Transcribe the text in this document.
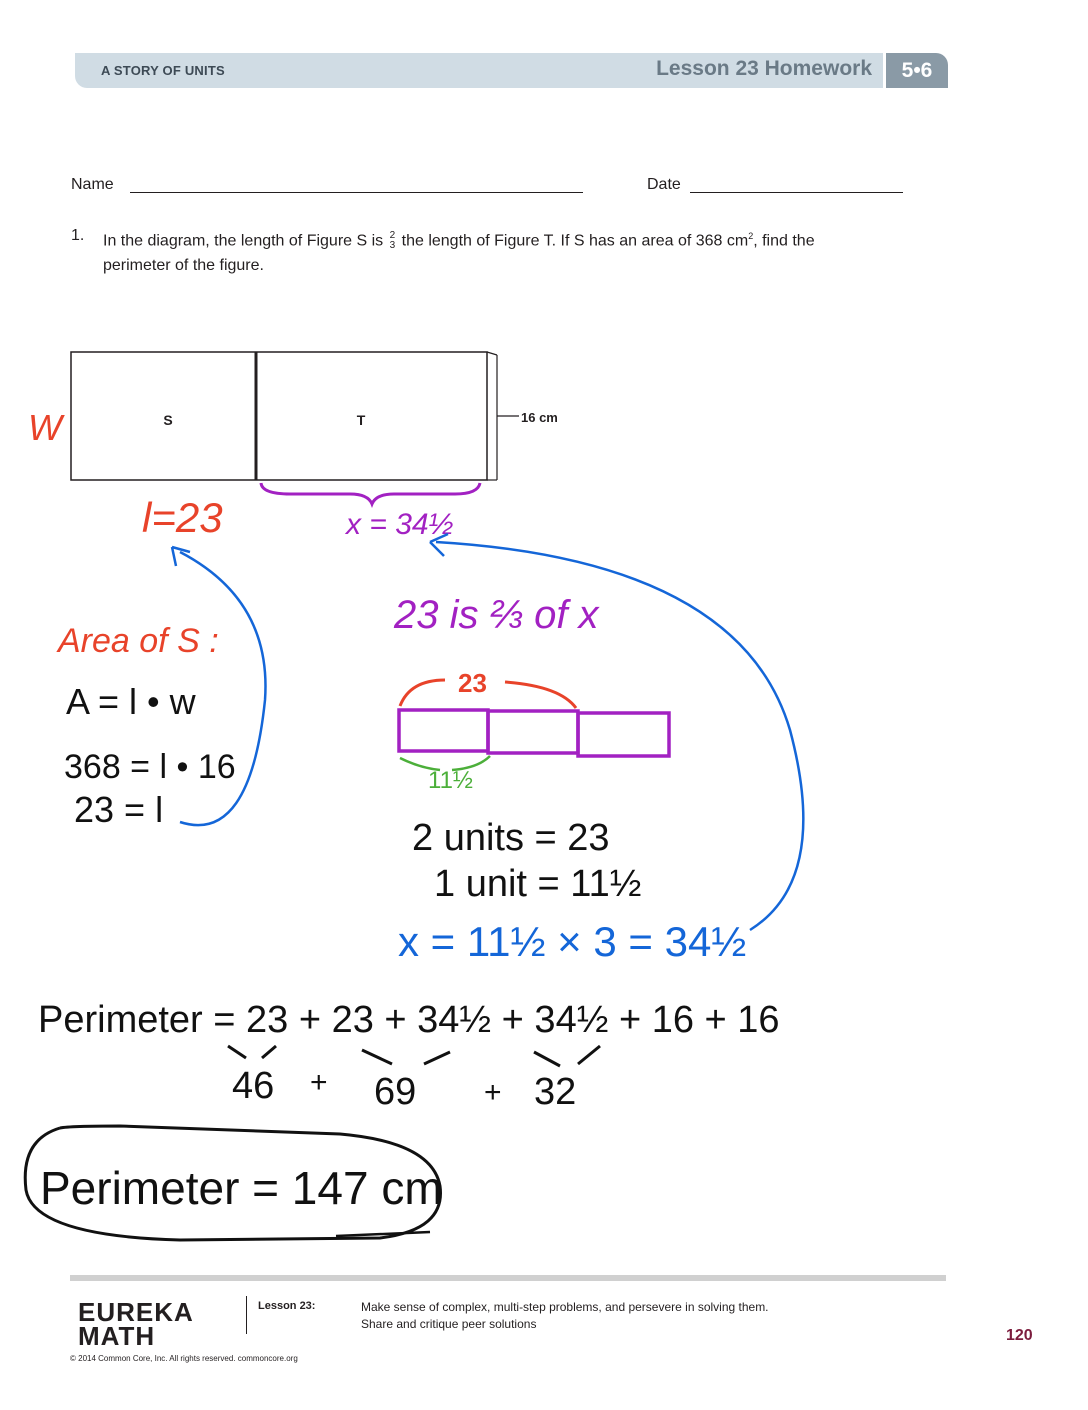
A STORY OF UNITS	Lesson 23 Homework	5•6
Name	Date
1. In the diagram, the length of Figure S is 2
3 the length of Figure T. If S has an area of 368 $cm^2$, find the
perimeter of the figure.
S	T	16 cm
W
l=23	x = 34½
Area of S :
A = l • w
368 = l • 16
23 = l
23 is ⅔ of x
23
11½
2 units = 23
1 unit = 11½
x = 11½ × 3 = 34½
Perimeter = 23 + 23 + 34½ + 34½ + 16 + 16
46 + 69 + 32
Perimeter = 147 cm
EUREKA
MATH
© 2014 Common Core, Inc. All rights reserved. commoncore.org
Lesson 23:	Make sense of complex, multi-step problems, and persevere in solving them. Share and critique peer solutions
120
